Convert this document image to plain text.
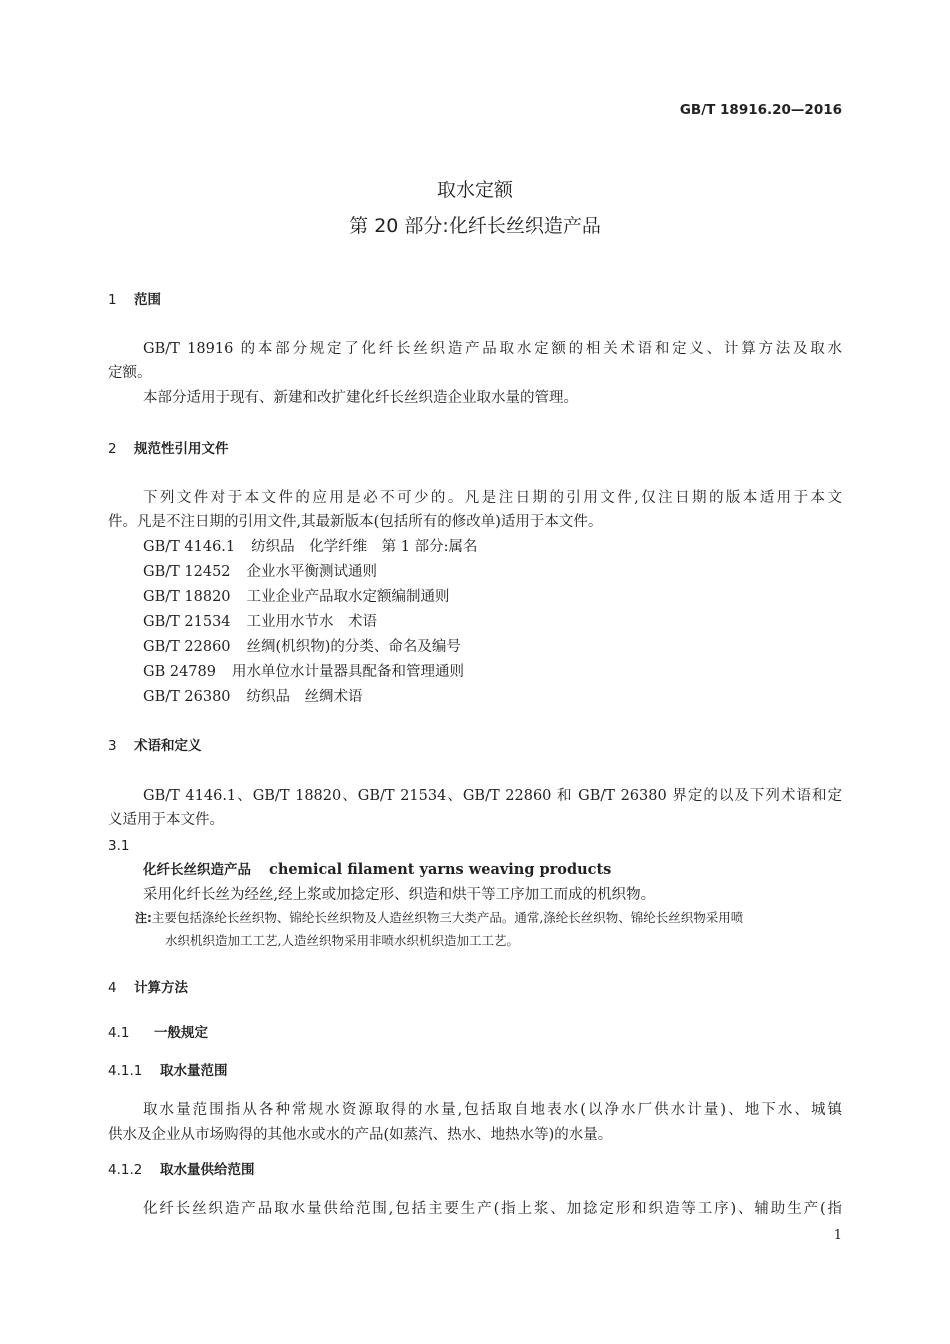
GB/T 18916.20—2016
取水定额
第 20 部分:化纤长丝织造产品
1 范围
GB/T 18916 的本部分规定了化纤长丝织造产品取水定额的相关术语和定义、计算方法及取水
定额。
本部分适用于现有、新建和改扩建化纤长丝织造企业取水量的管理。
2 规范性引用文件
下列文件对于本文件的应用是必不可少的。凡是注日期的引用文件,仅注日期的版本适用于本文
件。凡是不注日期的引用文件,其最新版本(包括所有的修改单)适用于本文件。
GB/T 4146.1 纺织品　化学纤维　第 1 部分:属名
GB/T 12452 企业水平衡测试通则
GB/T 18820 工业企业产品取水定额编制通则
GB/T 21534 工业用水节水　术语
GB/T 22860 丝绸(机织物)的分类、命名及编号
GB 24789 用水单位水计量器具配备和管理通则
GB/T 26380 纺织品　丝绸术语
3 术语和定义
GB/T 4146.1、GB/T 18820、GB/T 21534、GB/T 22860 和 GB/T 26380 界定的以及下列术语和定
义适用于本文件。
3.1
化纤长丝织造产品 chemical filament yarns weaving products
采用化纤长丝为经丝,经上浆或加捻定形、织造和烘干等工序加工而成的机织物。
注:主要包括涤纶长丝织物、锦纶长丝织物及人造丝织物三大类产品。通常,涤纶长丝织物、锦纶长丝织物采用喷
水织机织造加工工艺,人造丝织物采用非喷水织机织造加工工艺。
4 计算方法
4.1 一般规定
4.1.1 取水量范围
取水量范围指从各种常规水资源取得的水量,包括取自地表水(以净水厂供水计量)、地下水、城镇
供水及企业从市场购得的其他水或水的产品(如蒸汽、热水、地热水等)的水量。
4.1.2 取水量供给范围
化纤长丝织造产品取水量供给范围,包括主要生产(指上浆、加捻定形和织造等工序)、辅助生产(指
1
